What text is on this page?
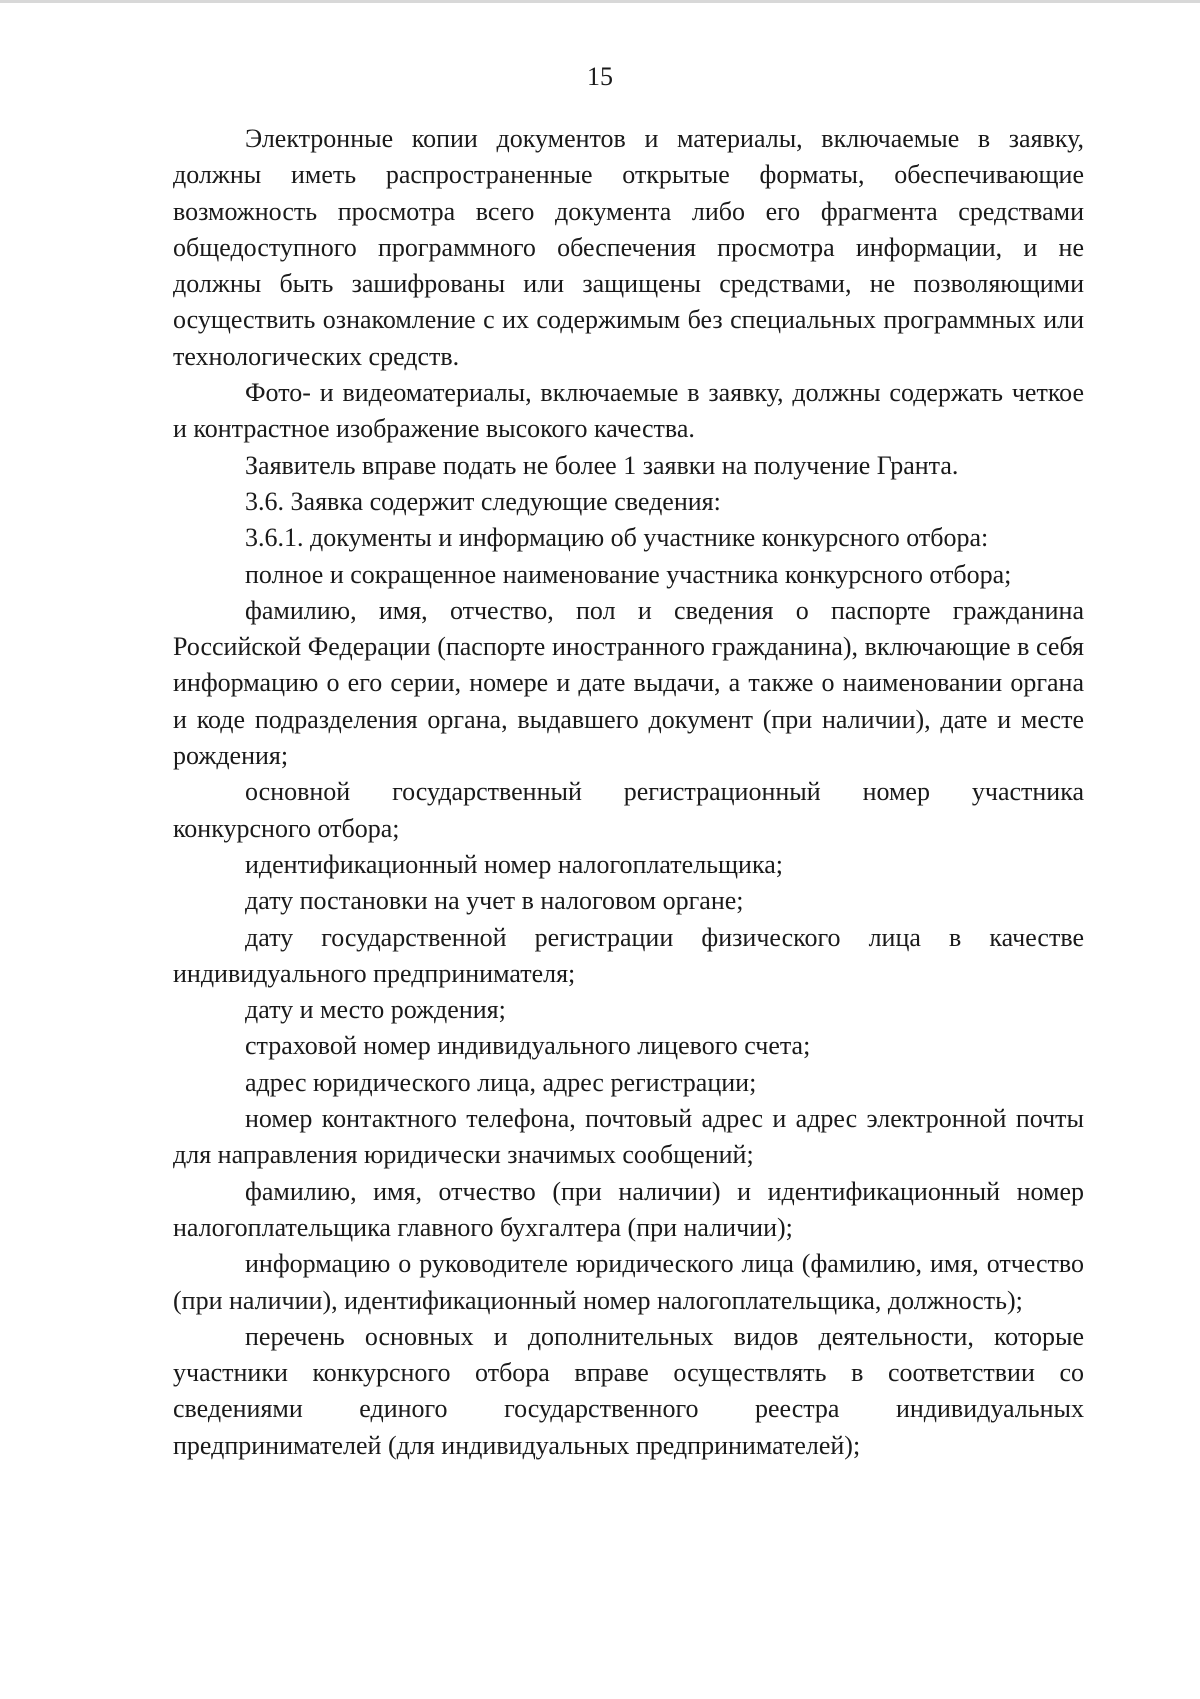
15

Электронные копии документов и материалы, включаемые в заявку, должны иметь распространенные открытые форматы, обеспечивающие возможность просмотра всего документа либо его фрагмента средствами общедоступного программного обеспечения просмотра информации, и не должны быть зашифрованы или защищены средствами, не позволяющими осуществить ознакомление с их содержимым без специальных программных или технологических средств.

Фото- и видеоматериалы, включаемые в заявку, должны содержать четкое и контрастное изображение высокого качества.

Заявитель вправе подать не более 1 заявки на получение Гранта.

3.6. Заявка содержит следующие сведения:

3.6.1. документы и информацию об участнике конкурсного отбора:

полное и сокращенное наименование участника конкурсного отбора;

фамилию, имя, отчество, пол и сведения о паспорте гражданина Российской Федерации (паспорте иностранного гражданина), включающие в себя информацию о его серии, номере и дате выдачи, а также о наименовании органа и коде подразделения органа, выдавшего документ (при наличии), дате и месте рождения;

основной государственный регистрационный номер участника конкурсного отбора;

идентификационный номер налогоплательщика;

дату постановки на учет в налоговом органе;

дату государственной регистрации физического лица в качестве индивидуального предпринимателя;

дату и место рождения;

страховой номер индивидуального лицевого счета;

адрес юридического лица, адрес регистрации;

номер контактного телефона, почтовый адрес и адрес электронной почты для направления юридически значимых сообщений;

фамилию, имя, отчество (при наличии) и идентификационный номер налогоплательщика главного бухгалтера (при наличии);

информацию о руководителе юридического лица (фамилию, имя, отчество (при наличии), идентификационный номер налогоплательщика, должность);

перечень основных и дополнительных видов деятельности, которые участники конкурсного отбора вправе осуществлять в соответствии со сведениями единого государственного реестра индивидуальных предпринимателей (для индивидуальных предпринимателей);
